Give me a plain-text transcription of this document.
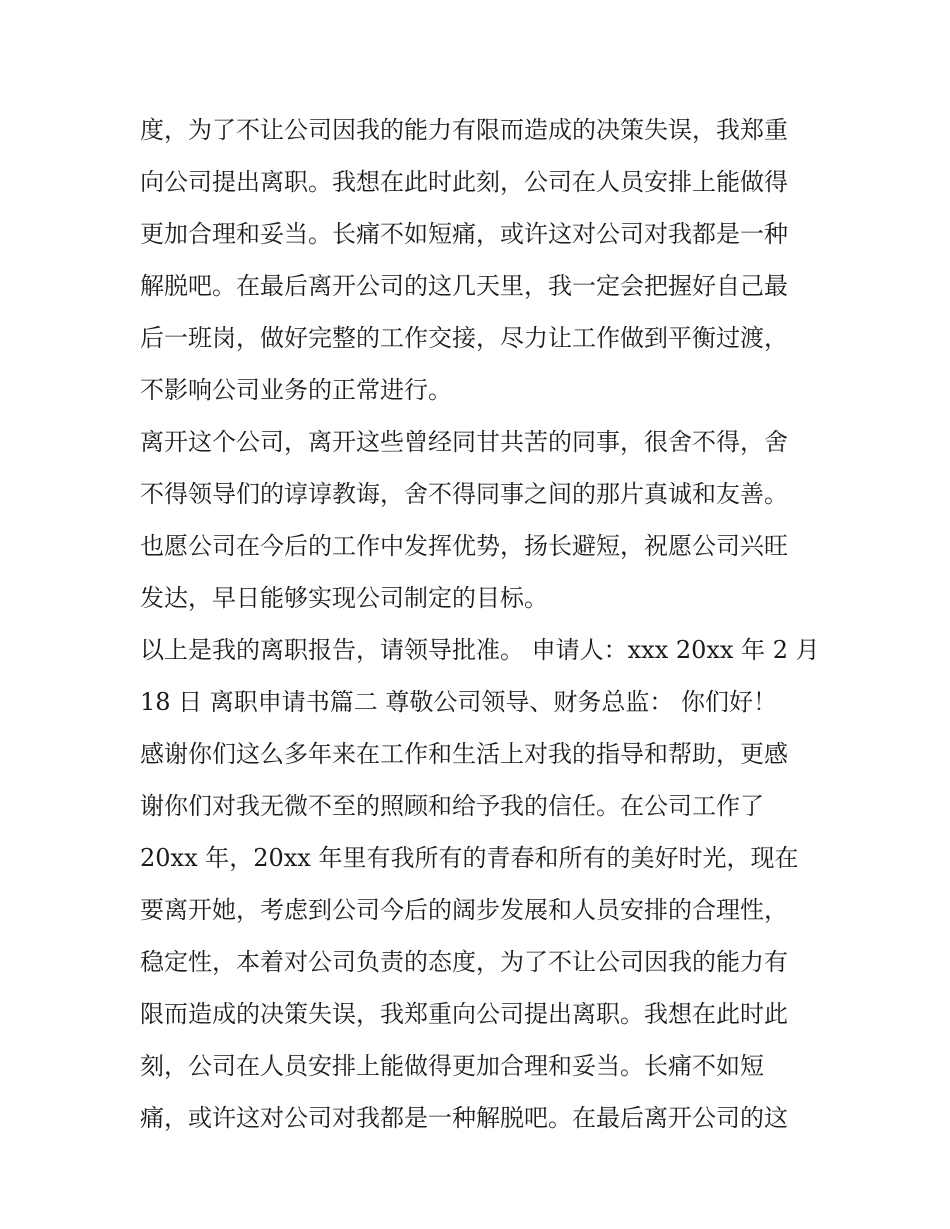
度，为了不让公司因我的能力有限而造成的决策失误，我郑重
向公司提出离职。我想在此时此刻，公司在人员安排上能做得
更加合理和妥当。长痛不如短痛，或许这对公司对我都是一种
解脱吧。在最后离开公司的这几天里，我一定会把握好自己最
后一班岗，做好完整的工作交接，尽力让工作做到平衡过渡，
不影响公司业务的正常进行。
离开这个公司，离开这些曾经同甘共苦的同事，很舍不得，舍
不得领导们的谆谆教诲，舍不得同事之间的那片真诚和友善。
也愿公司在今后的工作中发挥优势，扬长避短，祝愿公司兴旺
发达，早日能够实现公司制定的目标。
以上是我的离职报告，请领导批准。 申请人：xxx 20xx 年 2 月
18 日 离职申请书篇二 尊敬公司领导、财务总监： 你们好！
感谢你们这么多年来在工作和生活上对我的指导和帮助，更感
谢你们对我无微不至的照顾和给予我的信任。在公司工作了
20xx 年，20xx 年里有我所有的青春和所有的美好时光，现在
要离开她，考虑到公司今后的阔步发展和人员安排的合理性，
稳定性，本着对公司负责的态度，为了不让公司因我的能力有
限而造成的决策失误，我郑重向公司提出离职。我想在此时此
刻，公司在人员安排上能做得更加合理和妥当。长痛不如短
痛，或许这对公司对我都是一种解脱吧。在最后离开公司的这
